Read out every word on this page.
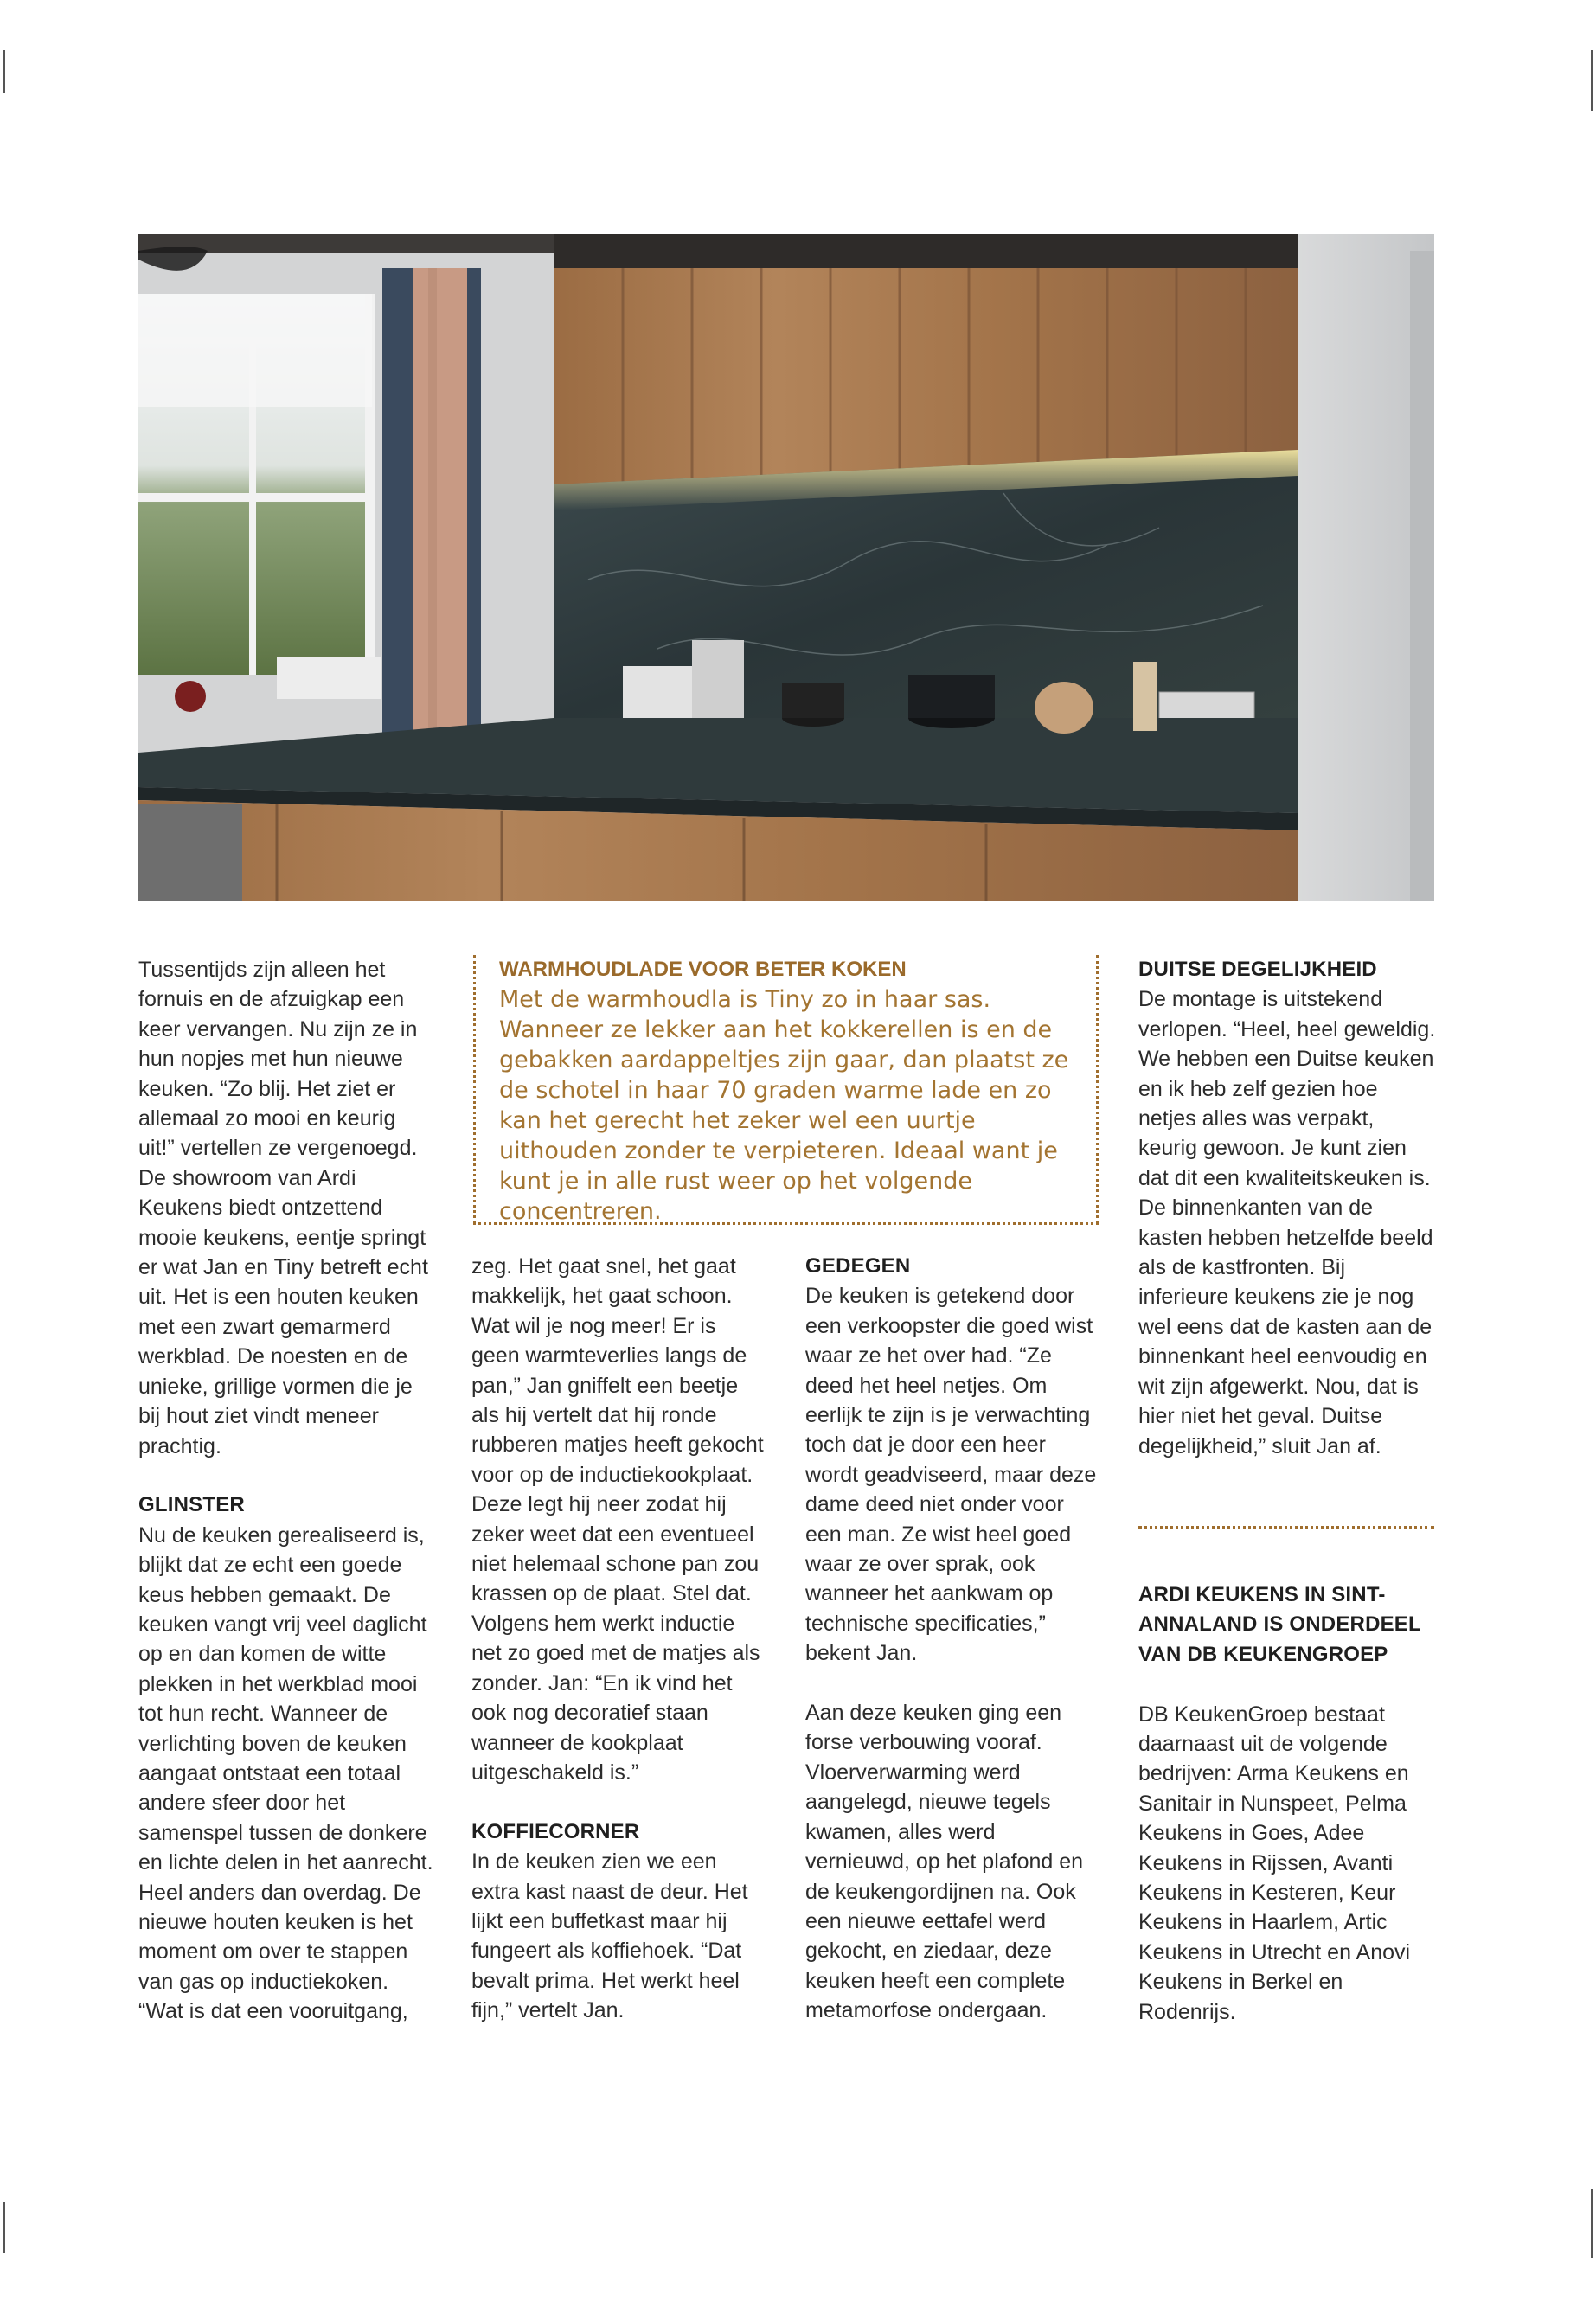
Tussentijds zijn alleen het fornuis en de afzuigkap een keer vervangen. Nu zijn ze in hun nopjes met hun nieuwe keuken. “Zo blij. Het ziet er allemaal zo mooi en keurig uit!” vertellen ze vergenoegd. De showroom van Ardi Keukens biedt ontzettend mooie keukens, eentje springt er wat Jan en Tiny betreft echt uit. Het is een houten keuken met een zwart gemarmerd werkblad. De noesten en de unieke, grillige vormen die je bij hout ziet vindt meneer prachtig.

GLINSTER

Nu de keuken gerealiseerd is, blijkt dat ze echt een goede keus hebben gemaakt. De keuken vangt vrij veel daglicht op en dan komen de witte plekken in het werkblad mooi tot hun recht. Wanneer de verlichting boven de keuken aangaat ontstaat een totaal andere sfeer door het samenspel tussen de donkere en lichte delen in het aanrecht. Heel anders dan overdag. De nieuwe houten keuken is het moment om over te stappen van gas op inductiekoken. “Wat is dat een vooruitgang,

WARMHOUDLADE VOOR BETER KOKEN

Met de warmhoudla is Tiny zo in haar sas. Wanneer ze lekker aan het kokkerellen is en de gebakken aardappeltjes zijn gaar, dan plaatst ze de schotel in haar 70 graden warme lade en zo kan het gerecht het zeker wel een uurtje uithouden zonder te verpieteren. Ideaal want je kunt je in alle rust weer op het volgende concentreren.

zeg. Het gaat snel, het gaat makkelijk, het gaat schoon. Wat wil je nog meer! Er is geen warmteverlies langs de pan,” Jan gniffelt een beetje als hij vertelt dat hij ronde rubberen matjes heeft gekocht voor op de inductiekookplaat. Deze legt hij neer zodat hij zeker weet dat een eventueel niet helemaal schone pan zou krassen op de plaat. Stel dat. Volgens hem werkt inductie net zo goed met de matjes als zonder. Jan: “En ik vind het ook nog decoratief staan wanneer de kookplaat uitgeschakeld is.”

KOFFIECORNER

In de keuken zien we een extra kast naast de deur. Het lijkt een buffetkast maar hij fungeert als koffiehoek. “Dat bevalt prima. Het werkt heel fijn,” vertelt Jan.

GEDEGEN

De keuken is getekend door een verkoopster die goed wist waar ze het over had. “Ze deed het heel netjes. Om eerlijk te zijn is je verwachting toch dat je door een heer wordt geadviseerd, maar deze dame deed niet onder voor een man. Ze wist heel goed waar ze over sprak, ook wanneer het aankwam op technische specificaties,” bekent Jan.

Aan deze keuken ging een forse verbouwing vooraf. Vloerverwarming werd aangelegd, nieuwe tegels kwamen, alles werd vernieuwd, op het plafond en de keukengordijnen na. Ook een nieuwe eettafel werd gekocht, en ziedaar, deze keuken heeft een complete metamorfose ondergaan.

DUITSE DEGELIJKHEID

De montage is uitstekend verlopen. “Heel, heel geweldig. We hebben een Duitse keuken en ik heb zelf gezien hoe netjes alles was verpakt, keurig gewoon. Je kunt zien dat dit een kwaliteitskeuken is. De binnenkanten van de kasten hebben hetzelfde beeld als de kastfronten. Bij inferieure keukens zie je nog wel eens dat de kasten aan de binnenkant heel eenvoudig en wit zijn afgewerkt. Nou, dat is hier niet het geval. Duitse degelijkheid,” sluit Jan af.

ARDI KEUKENS IN SINT-ANNALAND IS ONDERDEEL VAN DB KEUKENGROEP

DB KeukenGroep bestaat daarnaast uit de volgende bedrijven: Arma Keukens en Sanitair in Nunspeet, Pelma Keukens in Goes, Adee Keukens in Rijssen, Avanti Keukens in Kesteren, Keur Keukens in Haarlem, Artic Keukens in Utrecht en Anovi Keukens in Berkel en Rodenrijs.
